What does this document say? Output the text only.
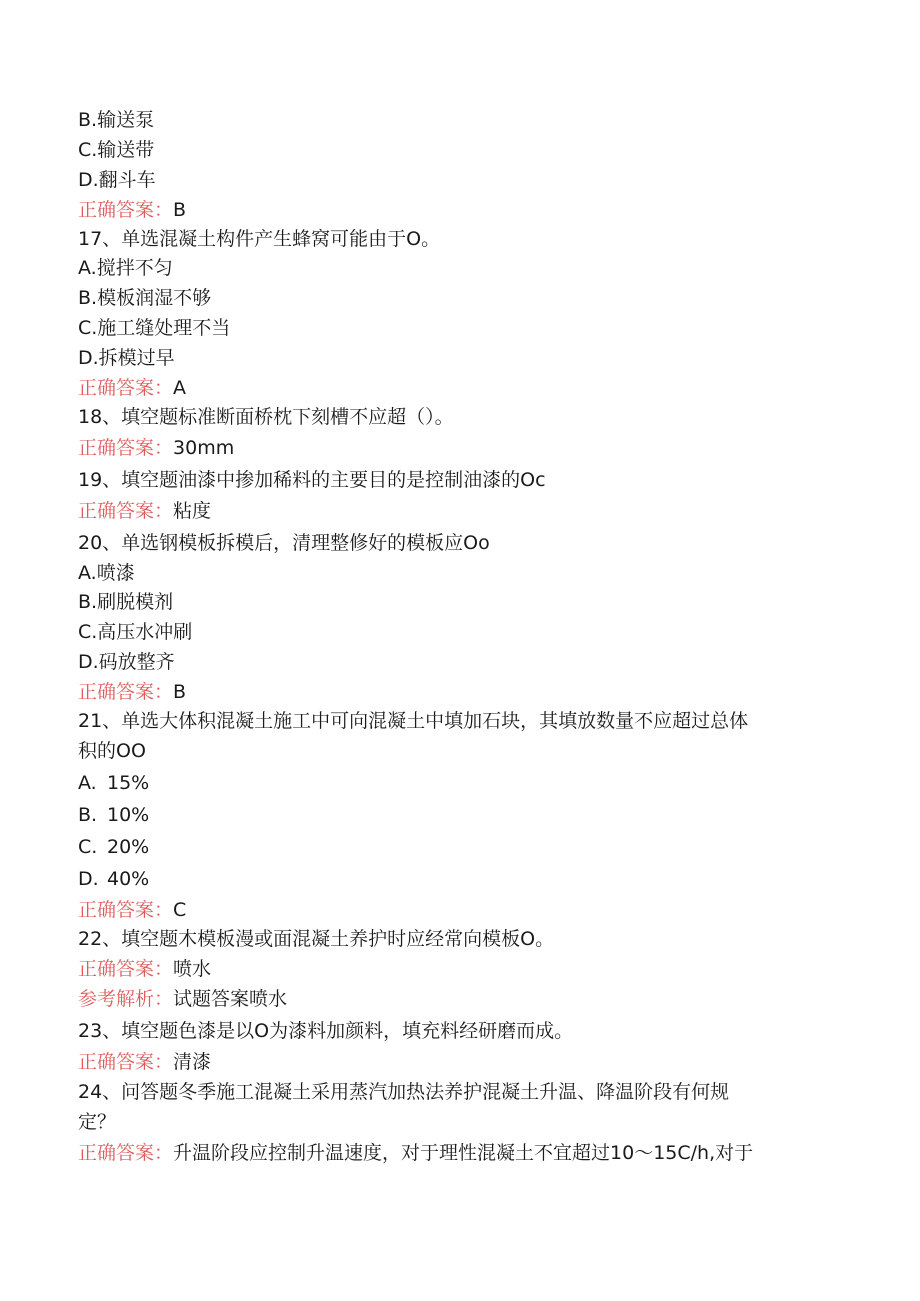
B.输送泵

C.输送带

D.翻斗车

正确答案：B

17、单选混凝土构件产生蜂窝可能由于O。

A.搅拌不匀

B.模板润湿不够

C.施工缝处理不当

D.拆模过早

正确答案：A

18、填空题标准断面桥枕下刻槽不应超（）。

正确答案：30mm

19、填空题油漆中掺加稀料的主要目的是控制油漆的Oc

正确答案：粘度

20、单选钢模板拆模后，清理整修好的模板应Oo

A.喷漆

B.刷脱模剂

C.高压水冲刷

D.码放整齐

正确答案：B

21、单选大体积混凝土施工中可向混凝土中填加石块，其填放数量不应超过总体

积的OO

A. 15%

B. 10%

C. 20%

D. 40%

正确答案：C

22、填空题木模板漫或面混凝土养护时应经常向模板O。

正确答案：喷水

参考解析：试题答案喷水

23、填空题色漆是以O为漆料加颜料，填充料经研磨而成。

正确答案：清漆

24、问答题冬季施工混凝土采用蒸汽加热法养护混凝土升温、降温阶段有何规

定？

正确答案：升温阶段应控制升温速度，对于理性混凝土不宜超过10～15C/h,对于
